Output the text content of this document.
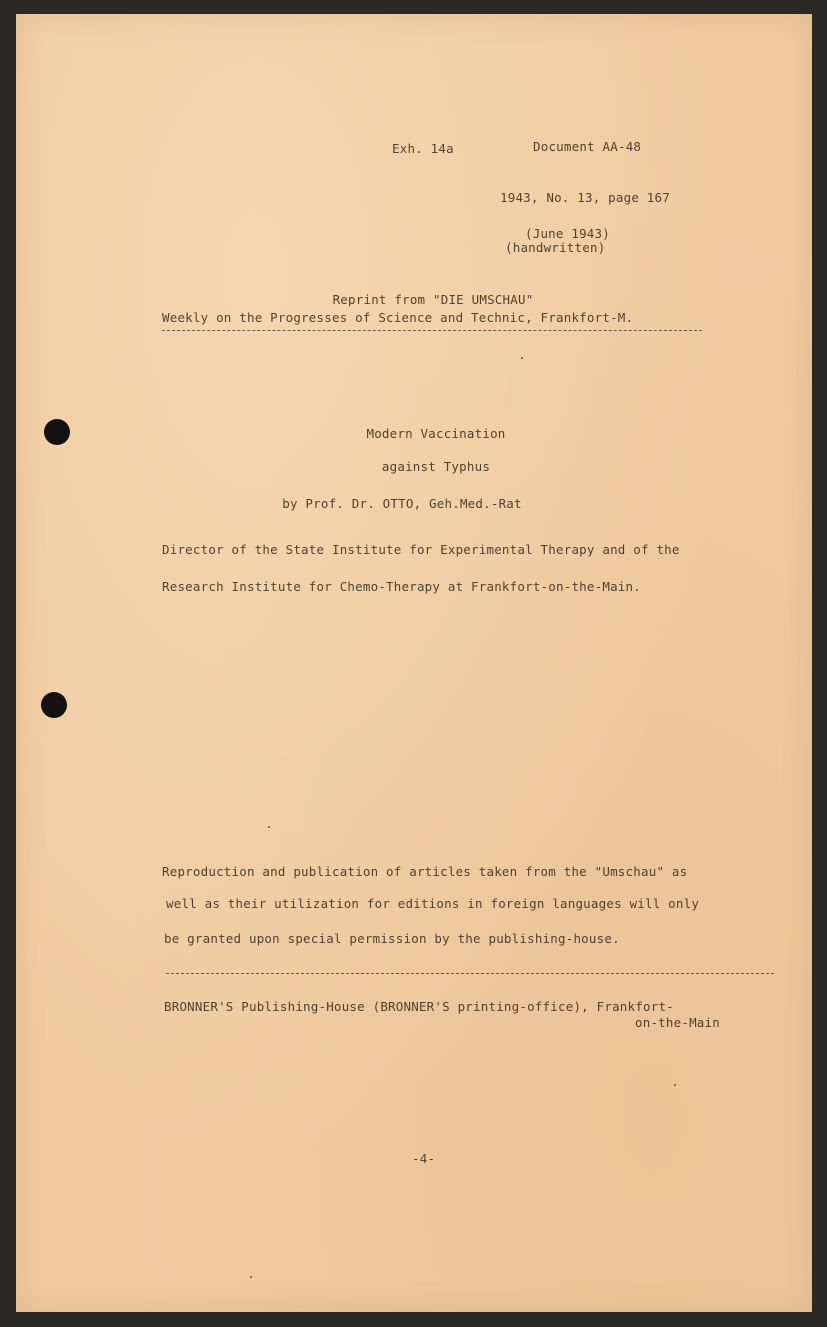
Exh. 14a	Document AA-48
1943, No. 13, page 167
(June 1943)
(handwritten)
Reprint from "DIE UMSCHAU"
Weekly on the Progresses of Science and Technic, Frankfort-M.
Modern Vaccination
against Typhus
by Prof. Dr. OTTO, Geh.Med.-Rat
Director of the State Institute for Experimental Therapy and of the
Research Institute for Chemo-Therapy at Frankfort-on-the-Main.
Reproduction and publication of articles taken from the "Umschau" as
well as their utilization for editions in foreign languages will only
be granted upon special permission by the publishing-house.
BRONNER'S Publishing-House (BRONNER'S printing-office), Frankfort-
on-the-Main
-4-
